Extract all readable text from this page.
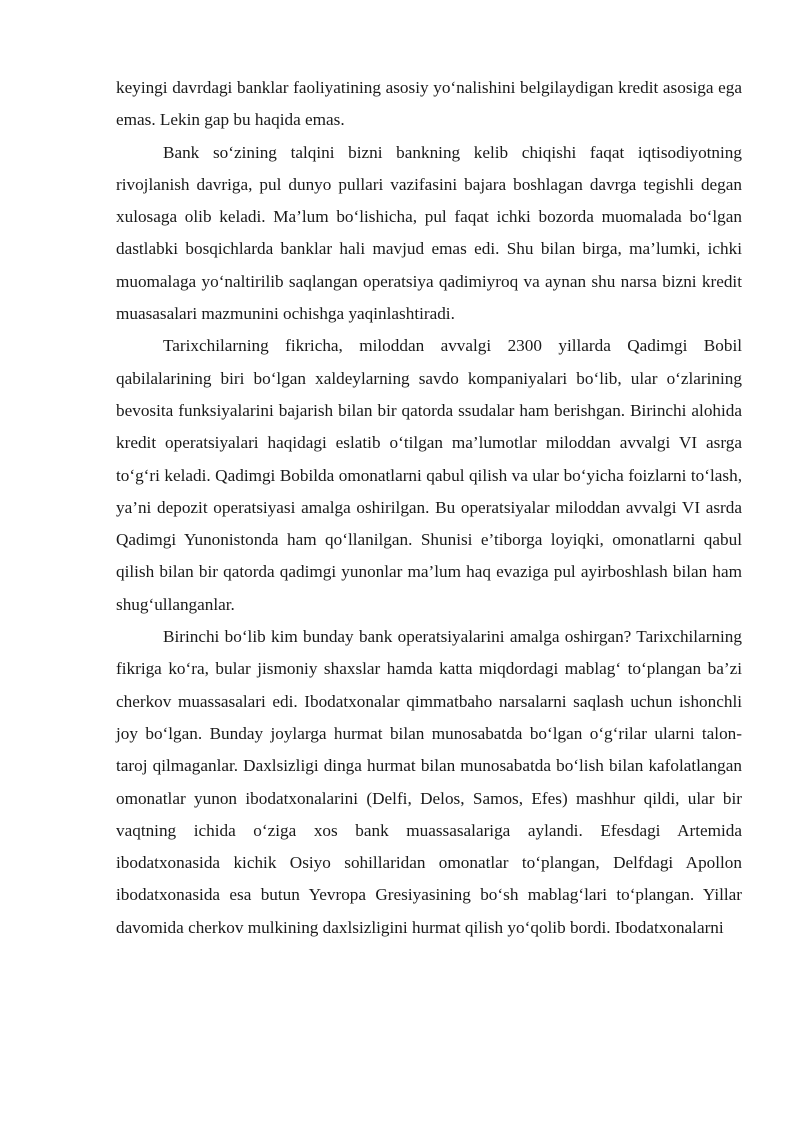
keyingi davrdagi banklar faoliyatining asosiy yo‘nalishini belgilaydigan kredit asosiga ega emas. Lekin gap bu haqida emas.

Bank so‘zining talqini bizni bankning kelib chiqishi faqat iqtisodiyotning rivojlanish davriga, pul dunyo pullari vazifasini bajara boshlagan davrga tegishli degan xulosaga olib keladi. Ma’lum bo‘lishicha, pul faqat ichki bozorda muomalada bo‘lgan dastlabki bosqichlarda banklar hali mavjud emas edi. Shu bilan birga, ma’lumki, ichki muomalaga yo‘naltirilib saqlangan operatsiya qadimiyroq va aynan shu narsa bizni kredit muasasalari mazmunini ochishga yaqinlashtiradi.

Tarixchilarning fikricha, miloddan avvalgi 2300 yillarda Qadimgi Bobil qabilalarining biri bo‘lgan xaldeylarning savdo kompaniyalari bo‘lib, ular o‘zlarining bevosita funksiyalarini bajarish bilan bir qatorda ssudalar ham berishgan. Birinchi alohida kredit operatsiyalari haqidagi eslatib o‘tilgan ma’lumotlar miloddan avvalgi VI asrga to‘g‘ri keladi. Qadimgi Bobilda omonatlarni qabul qilish va ular bo‘yicha foizlarni to‘lash, ya’ni depozit operatsiyasi amalga oshirilgan. Bu operatsiyalar miloddan avvalgi VI asrda Qadimgi Yunonistonda ham qo‘llanilgan. Shunisi e’tiborga loyiqki, omonatlarni qabul qilish bilan bir qatorda qadimgi yunonlar ma’lum haq evaziga pul ayirboshlash bilan ham shug‘ullanganlar.

Birinchi bo‘lib kim bunday bank operatsiyalarini amalga oshirgan? Tarixchilarning fikriga ko‘ra, bular jismoniy shaxslar hamda katta miqdordagi mablag‘ to‘plangan ba’zi cherkov muassasalari edi. Ibodatxonalar qimmatbaho narsalarni saqlash uchun ishonchli joy bo‘lgan. Bunday joylarga hurmat bilan munosabatda bo‘lgan o‘g‘rilar ularni talon-taroj qilmaganlar. Daxlsizligi dinga hurmat bilan munosabatda bo‘lish bilan kafolatlangan omonatlar yunon ibodatxonalarini (Delfi, Delos, Samos, Efes) mashhur qildi, ular bir vaqtning ichida o‘ziga xos bank muassasalariga aylandi. Efesdagi Artemida ibodatxonasida kichik Osiyo sohillaridan omonatlar to‘plangan, Delfdagi Apollon ibodatxonasida esa butun Yevropa Gresiyasining bo‘sh mablag‘lari to‘plangan. Yillar davomida cherkov mulkining daxlsizligini hurmat qilish yo‘qolib bordi. Ibodatxonalarni
